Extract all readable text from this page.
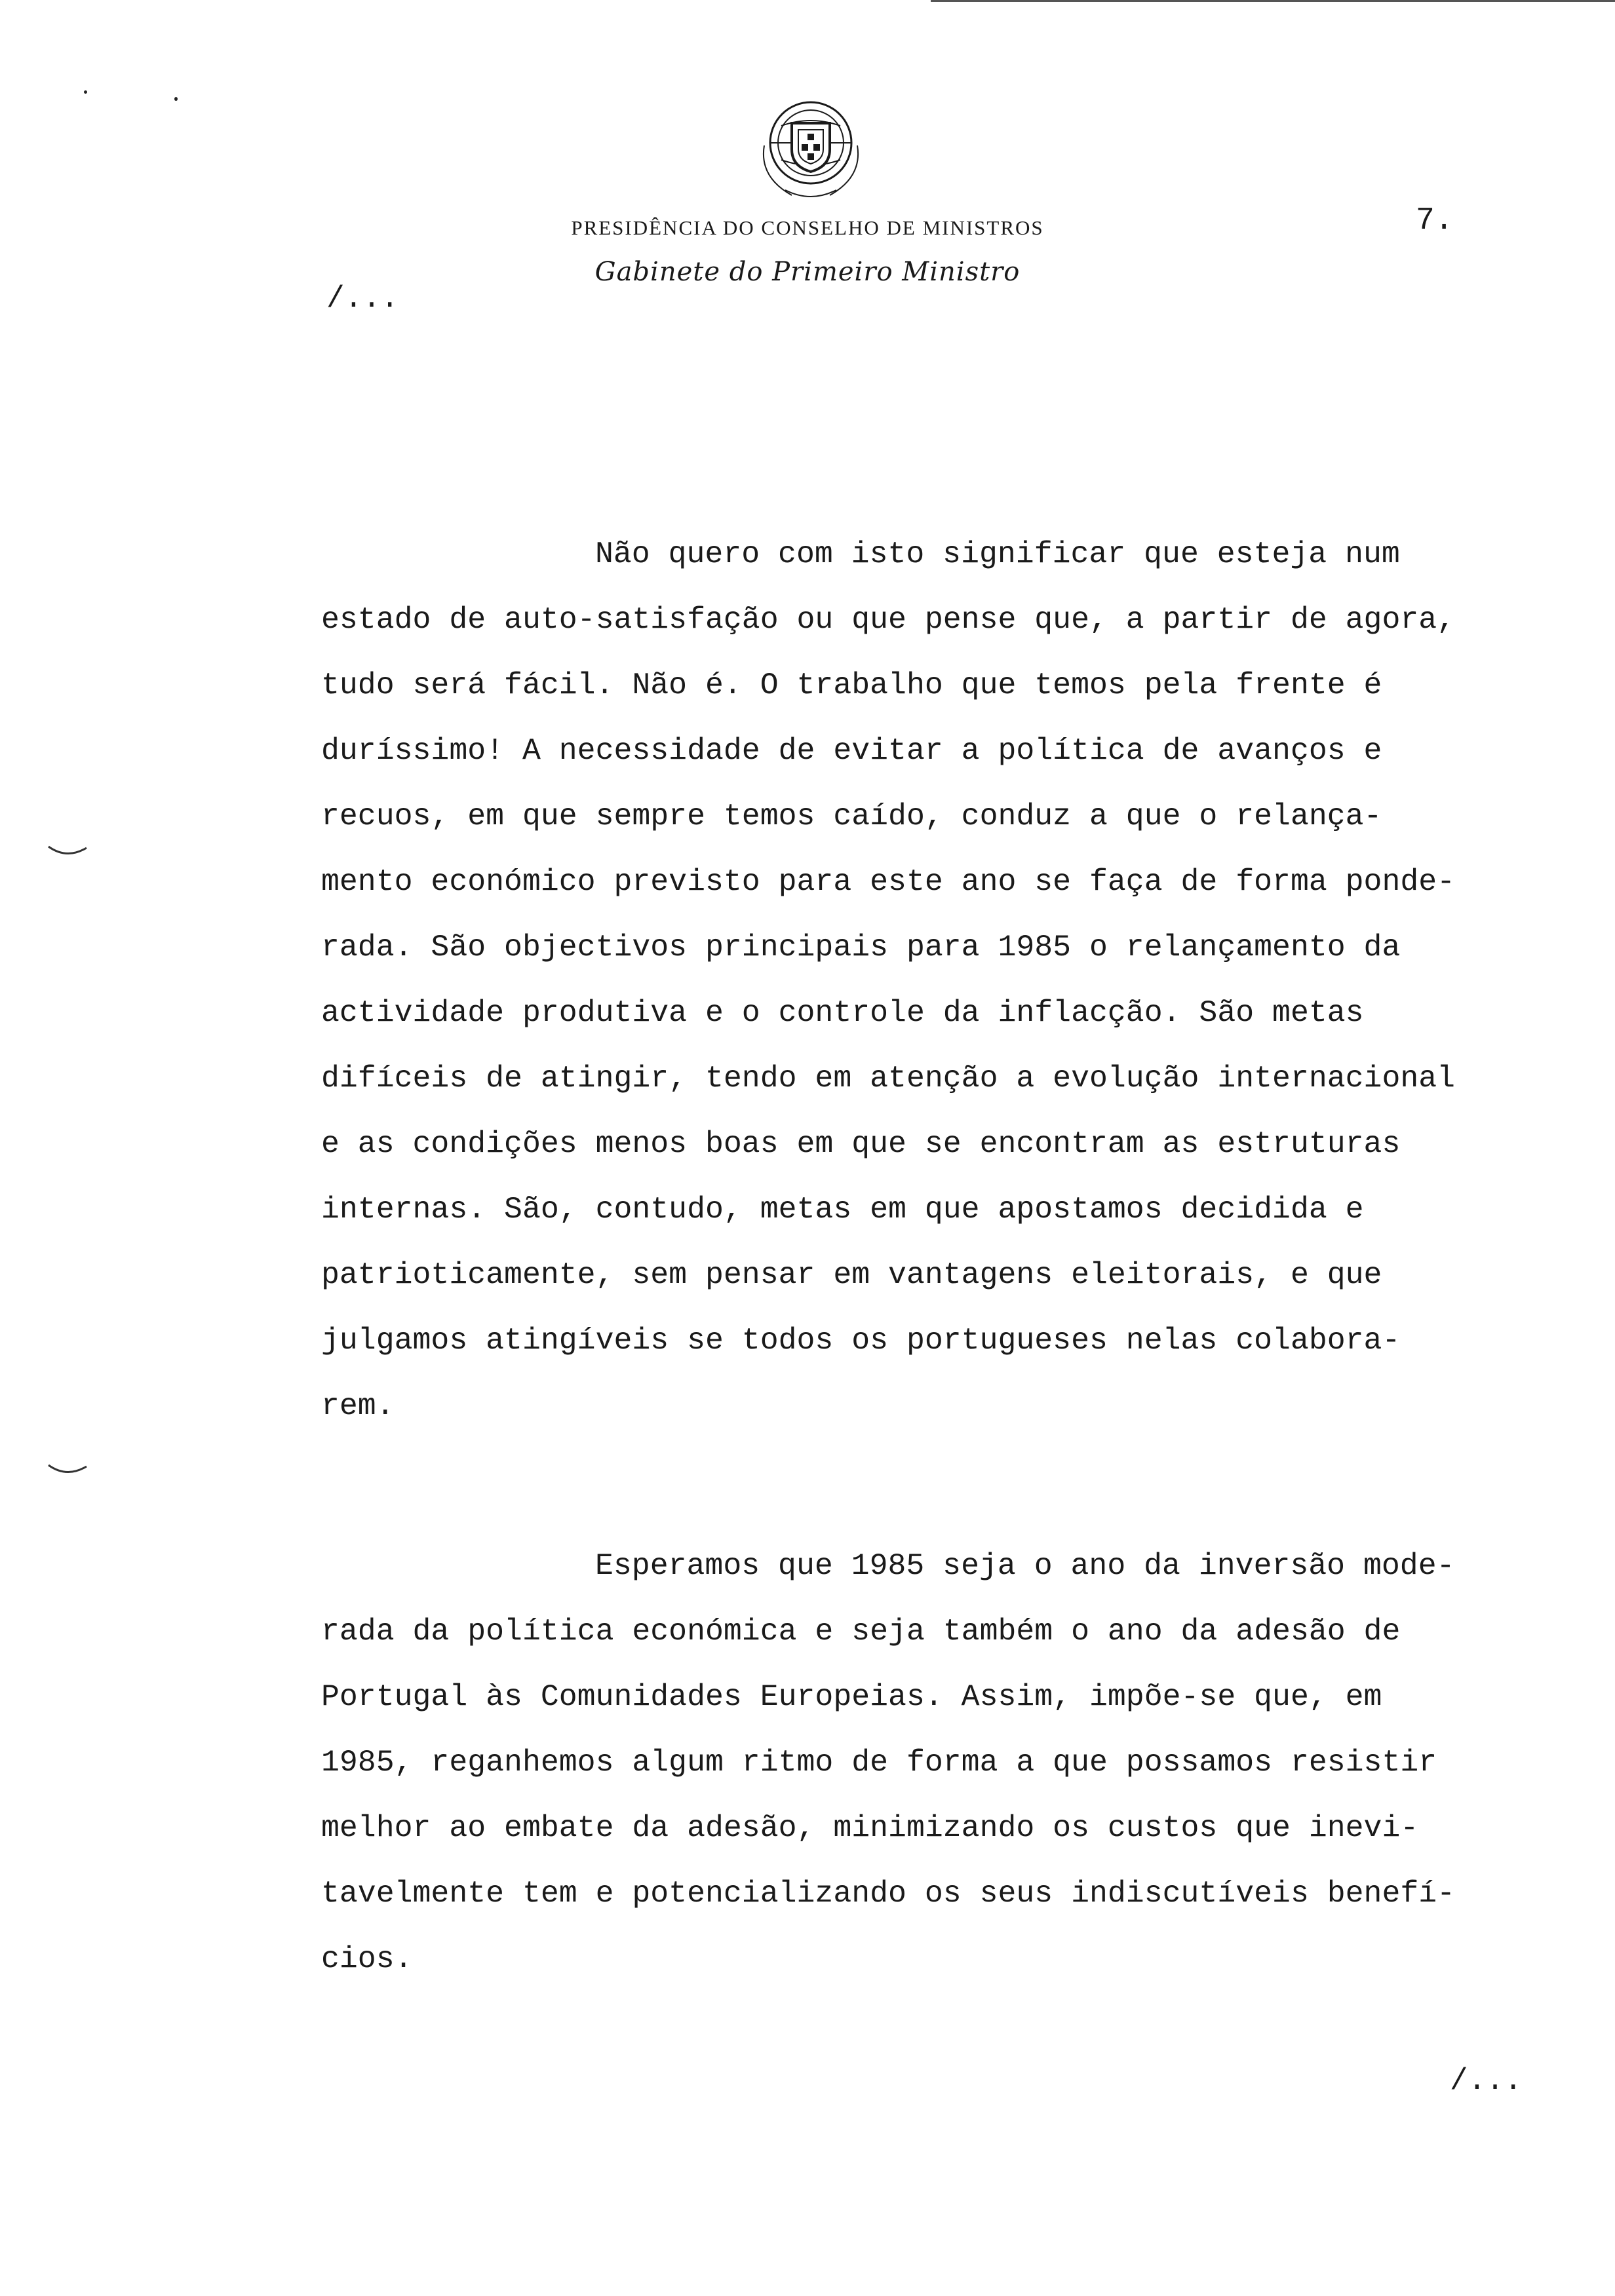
PRESIDÊNCIA DO CONSELHO DE MINISTROS
Gabinete do Primeiro Ministro
7.
/...
Não quero com isto significar que esteja num
estado de auto-satisfação ou que pense que, a partir de agora,
tudo será fácil. Não é. O trabalho que temos pela frente é
duríssimo! A necessidade de evitar a política de avanços e
recuos, em que sempre temos caído, conduz a que o relança-
mento económico previsto para este ano se faça de forma ponde-
rada. São objectivos principais para 1985 o relançamento da
actividade produtiva e o controle da inflacção. São metas
difíceis de atingir, tendo em atenção a evolução internacional
e as condições menos boas em que se encontram as estruturas
internas. São, contudo, metas em que apostamos decidida e
patrioticamente, sem pensar em vantagens eleitorais, e que
julgamos atingíveis se todos os portugueses nelas colabora-
rem.
Esperamos que 1985 seja o ano da inversão mode-
rada da política económica e seja também o ano da adesão de
Portugal às Comunidades Europeias. Assim, impõe-se que, em
1985, reganhemos algum ritmo de forma a que possamos resistir
melhor ao embate da adesão, minimizando os custos que inevi-
tavelmente tem e potencializando os seus indiscutíveis benefí-
cios.
/...
